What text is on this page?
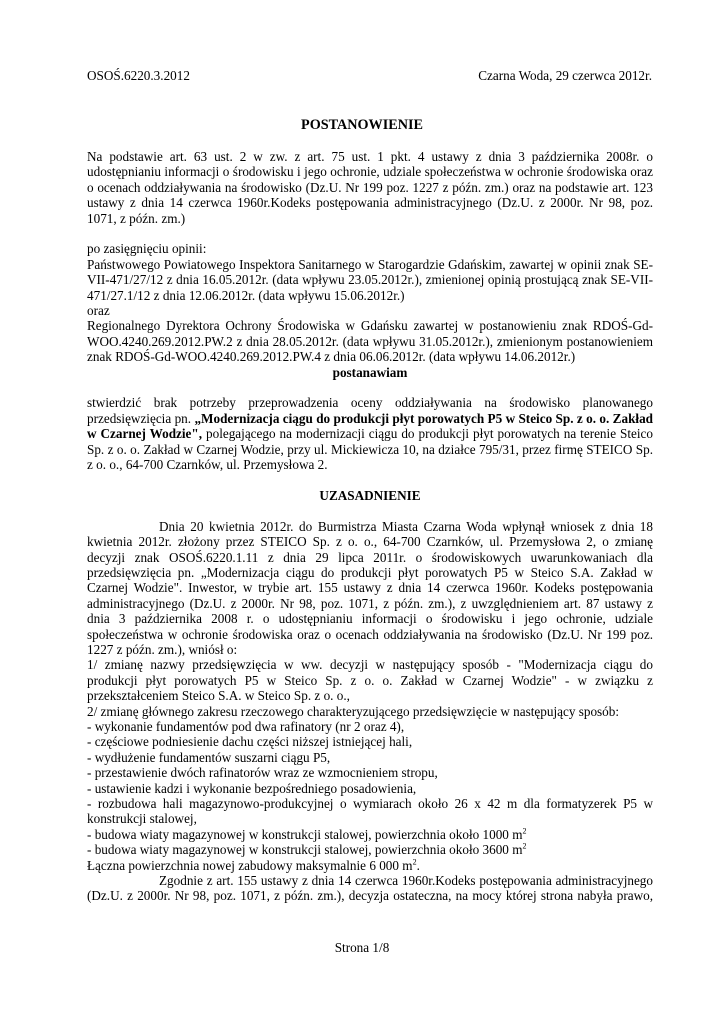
OSOŚ.6220.3.2012	Czarna Woda, 29 czerwca 2012r.
POSTANOWIENIE

Na podstawie art. 63 ust. 2 w zw. z art. 75 ust. 1 pkt. 4 ustawy z dnia 3 października 2008r. o udostępnianiu informacji o środowisku i jego ochronie, udziale społeczeństwa w ochronie środowiska oraz o ocenach oddziaływania na środowisko (Dz.U. Nr 199 poz. 1227 z późn. zm.) oraz na podstawie art. 123 ustawy z dnia 14 czerwca 1960r.Kodeks postępowania administracyjnego (Dz.U. z 2000r. Nr 98, poz. 1071, z późn. zm.)

po zasięgnięciu opinii:

Państwowego Powiatowego Inspektora Sanitarnego w Starogardzie Gdańskim, zawartej w opinii znak SE-VII-471/27/12 z dnia 16.05.2012r. (data wpływu 23.05.2012r.), zmienionej opinią prostującą znak SE-VII-471/27.1/12 z dnia 12.06.2012r. (data wpływu 15.06.2012r.)

oraz

Regionalnego Dyrektora Ochrony Środowiska w Gdańsku zawartej w postanowieniu znak RDOŚ-Gd-WOO.4240.269.2012.PW.2 z dnia 28.05.2012r. (data wpływu 31.05.2012r.), zmienionym postanowieniem znak RDOŚ-Gd-WOO.4240.269.2012.PW.4 z dnia 06.06.2012r. (data wpływu 14.06.2012r.)

postanawiam

stwierdzić brak potrzeby przeprowadzenia oceny oddziaływania na środowisko planowanego przedsięwzięcia pn. „Modernizacja ciągu do produkcji płyt porowatych P5 w Steico Sp. z o. o. Zakład w Czarnej Wodzie", polegającego na modernizacji ciągu do produkcji płyt porowatych na terenie Steico Sp. z o. o. Zakład w Czarnej Wodzie, przy ul. Mickiewicza 10, na działce 795/31, przez firmę STEICO Sp. z o. o., 64-700 Czarnków, ul. Przemysłowa 2.

UZASADNIENIE

Dnia 20 kwietnia 2012r. do Burmistrza Miasta Czarna Woda wpłynął wniosek z dnia 18
kwietnia 2012r. złożony przez STEICO Sp. z o. o., 64-700 Czarnków, ul. Przemysłowa 2, o zmianę
decyzji znak OSOŚ.6220.1.11 z dnia 29 lipca 2011r. o środowiskowych uwarunkowaniach dla
przedsięwzięcia pn. „Modernizacja ciągu do produkcji płyt porowatych P5 w Steico S.A. Zakład w
Czarnej Wodzie". Inwestor, w trybie art. 155 ustawy z dnia 14 czerwca 1960r. Kodeks postępowania
administracyjnego (Dz.U. z 2000r. Nr 98, poz. 1071, z późn. zm.), z uwzględnieniem art. 87 ustawy z
dnia 3 października 2008 r. o udostępnianiu informacji o środowisku i jego ochronie, udziale
społeczeństwa w ochronie środowiska oraz o ocenach oddziaływania na środowisko (Dz.U. Nr 199 poz.
1227 z późn. zm.), wniósł o:
1/ zmianę nazwy przedsięwzięcia w ww. decyzji w następujący sposób - "Modernizacja ciągu do
produkcji płyt porowatych P5 w Steico Sp. z o. o. Zakład w Czarnej Wodzie" - w związku z
przekształceniem Steico S.A. w Steico Sp. z o. o.,
2/ zmianę głównego zakresu rzeczowego charakteryzującego przedsięwzięcie w następujący sposób:
- wykonanie fundamentów pod dwa rafinatory (nr 2 oraz 4),
- częściowe podniesienie dachu części niższej istniejącej hali,
- wydłużenie fundamentów suszarni ciągu P5,
- przestawienie dwóch rafinatorów wraz ze wzmocnieniem stropu,
- ustawienie kadzi i wykonanie bezpośredniego posadowienia,
- rozbudowa hali magazynowo-produkcyjnej o wymiarach około 26 x 42 m dla formatyzerek P5 w
konstrukcji stalowej,
- budowa wiaty magazynowej w konstrukcji stalowej, powierzchnia około 1000 $m^2$
- budowa wiaty magazynowej w konstrukcji stalowej, powierzchnia około 3600 $m^2$
Łączna powierzchnia nowej zabudowy maksymalnie 6 000 $m^2$.
Zgodnie z art. 155 ustawy z dnia 14 czerwca 1960r.Kodeks postępowania administracyjnego
(Dz.U. z 2000r. Nr 98, poz. 1071, z późn. zm.), decyzja ostateczna, na mocy której strona nabyła prawo,
Strona 1/8
